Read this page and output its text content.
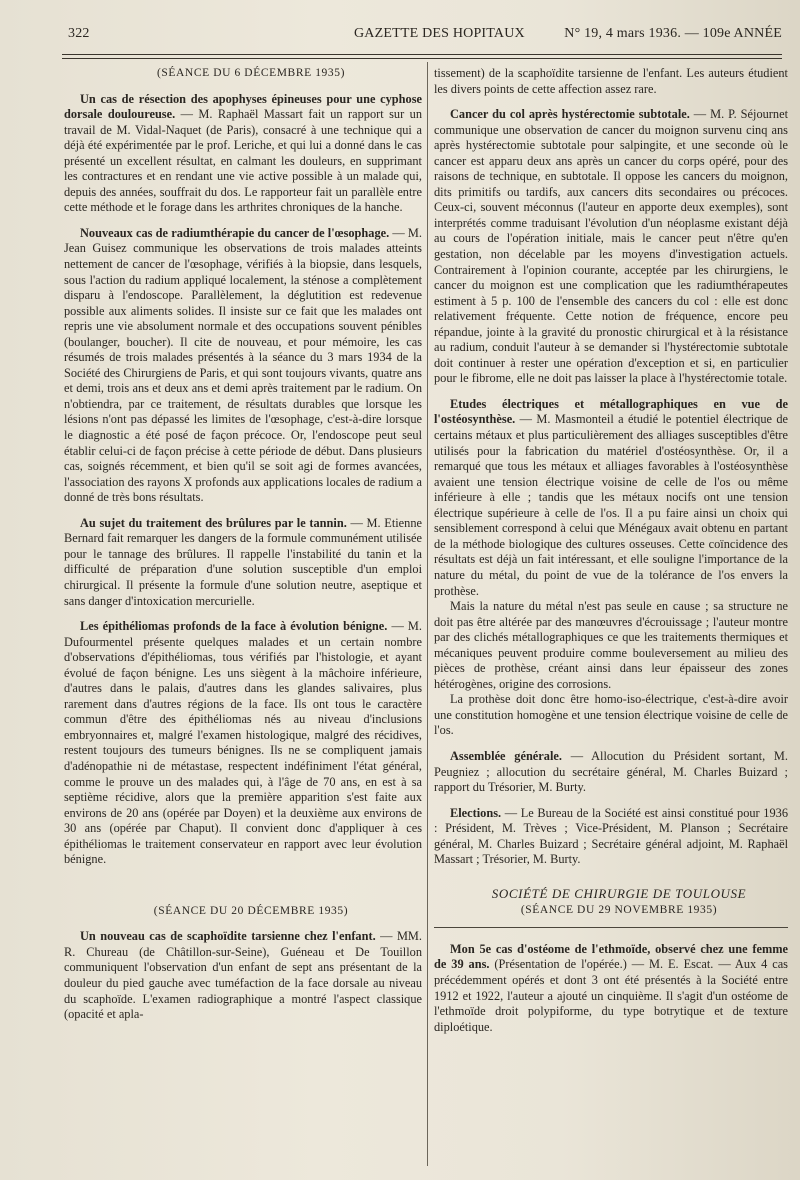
322	GAZETTE DES HOPITAUX	N° 19, 4 mars 1936. — 109e ANNÉE

(SÉANCE DU 6 DÉCEMBRE 1935)

Un cas de résection des apophyses épineuses pour une cyphose dorsale douloureuse. — M. Raphaël Massart fait un rapport sur un travail de M. Vidal-Naquet (de Paris), consacré à une technique qui a déjà été expérimentée par le prof. Leriche, et qui lui a donné dans le cas présenté un excellent résultat, en calmant les douleurs, en supprimant les contractures et en rendant une vie active possible à un malade qui, depuis des années, souffrait du dos. Le rapporteur fait un parallèle entre cette méthode et le forage dans les arthrites chroniques de la hanche.

Nouveaux cas de radiumthérapie du cancer de l'œsophage. — M. Jean Guisez communique les observations de trois malades atteints nettement de cancer de l'œsophage, vérifiés à la biopsie, dans lesquels, sous l'action du radium appliqué localement, la sténose a complètement disparu à l'endoscope. Parallèlement, la déglutition est redevenue possible aux aliments solides. Il insiste sur ce fait que les malades ont repris une vie absolument normale et des occupations souvent pénibles (boulanger, boucher). Il cite de nouveau, et pour mémoire, les cas résumés de trois malades présentés à la séance du 3 mars 1934 de la Société des Chirurgiens de Paris, et qui sont toujours vivants, quatre ans et demi, trois ans et deux ans et demi après traitement par le radium. On n'obtiendra, par ce traitement, de résultats durables que lorsque les lésions n'ont pas dépassé les limites de l'œsophage, c'est-à-dire lorsque le diagnostic a été posé de façon précoce. Or, l'endoscope peut seul établir celui-ci de façon précise à cette période de début. Dans plusieurs cas, soignés récemment, et bien qu'il se soit agi de formes avancées, l'association des rayons X profonds aux applications locales de radium a donné de très bons résultats.

Au sujet du traitement des brûlures par le tannin. — M. Etienne Bernard fait remarquer les dangers de la formule communément utilisée pour le tannage des brûlures. Il rappelle l'instabilité du tanin et la difficulté de préparation d'une solution susceptible d'un emploi chirurgical. Il présente la formule d'une solution neutre, aseptique et sans danger d'intoxication mercurielle.

Les épithéliomas profonds de la face à évolution bénigne. — M. Dufourmentel présente quelques malades et un certain nombre d'observations d'épithéliomas, tous vérifiés par l'histologie, et ayant évolué de façon bénigne. Les uns siègent à la mâchoire inférieure, d'autres dans le palais, d'autres dans les glandes salivaires, plus rarement dans d'autres régions de la face. Ils ont tous le caractère commun d'être des épithéliomas nés au niveau d'inclusions embryonnaires et, malgré l'examen histologique, malgré des récidives, restent toujours des tumeurs bénignes. Ils ne se compliquent jamais d'adénopathie ni de métastase, respectent indéfiniment l'état général, comme le prouve un des malades qui, à l'âge de 70 ans, en est à sa septième récidive, alors que la première apparition s'est faite aux environs de 20 ans (opérée par Doyen) et la deuxième aux environs de 30 ans (opérée par Chaput). Il convient donc d'appliquer à ces épithéliomas le traitement conservateur en rapport avec leur évolution bénigne.

(SÉANCE DU 20 DÉCEMBRE 1935)

Un nouveau cas de scaphoïdite tarsienne chez l'enfant. — MM. R. Chureau (de Châtillon-sur-Seine), Guéneau et De Touillon communiquent l'observation d'un enfant de sept ans présentant de la douleur du pied gauche avec tuméfaction de la face dorsale au niveau du scaphoïde. L'examen radiographique a montré l'aspect classique (opacité et apla-

tissement) de la scaphoïdite tarsienne de l'enfant. Les auteurs étudient les divers points de cette affection assez rare.

Cancer du col après hystérectomie subtotale. — M. P. Séjournet communique une observation de cancer du moignon survenu cinq ans après hystérectomie subtotale pour salpingite, et une seconde où le cancer est apparu deux ans après un cancer du corps opéré, pour des raisons de technique, en subtotale. Il oppose les cancers du moignon, dits primitifs ou tardifs, aux cancers dits secondaires ou précoces. Ceux-ci, souvent méconnus (l'auteur en apporte deux exemples), sont interprétés comme traduisant l'évolution d'un néoplasme existant déjà au cours de l'opération initiale, mais le cancer peut n'être qu'en gestation, non décelable par les moyens d'investigation actuels. Contrairement à l'opinion courante, acceptée par les chirurgiens, le cancer du moignon est une complication que les radiumthérapeutes estiment à 5 p. 100 de l'ensemble des cancers du col : elle est donc relativement fréquente. Cette notion de fréquence, encore peu répandue, jointe à la gravité du pronostic chirurgical et à la résistance au radium, conduit l'auteur à se demander si l'hystérectomie subtotale doit continuer à rester une opération d'exception et si, en particulier pour le fibrome, elle ne doit pas laisser la place à l'hystérectomie totale.

Etudes électriques et métallographiques en vue de l'ostéosynthèse. — M. Masmonteil a étudié le potentiel électrique de certains métaux et plus particulièrement des alliages susceptibles d'être utilisés pour la fabrication du matériel d'ostéosynthèse. Or, il a remarqué que tous les métaux et alliages favorables à l'ostéosynthèse avaient une tension électrique voisine de celle de l'os ou même inférieure à elle ; tandis que les métaux nocifs ont une tension électrique supérieure à celle de l'os. Il a pu faire ainsi un choix qui sensiblement correspond à celui que Ménégaux avait obtenu en partant de la méthode biologique des cultures osseuses. Cette coïncidence des résultats est déjà un fait intéressant, et elle souligne l'importance de la nature du métal, du point de vue de la tolérance de l'os envers la prothèse.

Mais la nature du métal n'est pas seule en cause ; sa structure ne doit pas être altérée par des manœuvres d'écrouissage ; l'auteur montre par des clichés métallographiques ce que les traitements thermiques et mécaniques peuvent produire comme bouleversement au milieu des pièces de prothèse, créant ainsi dans leur épaisseur des zones hétérogènes, origine des corrosions.

La prothèse doit donc être homo-iso-électrique, c'est-à-dire avoir une constitution homogène et une tension électrique voisine de celle de l'os.

Assemblée générale. — Allocution du Président sortant, M. Peugniez ; allocution du secrétaire général, M. Charles Buizard ; rapport du Trésorier, M. Burty.

Elections. — Le Bureau de la Société est ainsi constitué pour 1936 : Président, M. Trèves ; Vice-Président, M. Planson ; Secrétaire général, M. Charles Buizard ; Secrétaire général adjoint, M. Raphaël Massart ; Trésorier, M. Burty.

SOCIÉTÉ DE CHIRURGIE DE TOULOUSE

(SÉANCE DU 29 NOVEMBRE 1935)

Mon 5e cas d'ostéome de l'ethmoïde, observé chez une femme de 39 ans. (Présentation de l'opérée.) — M. E. Escat. — Aux 4 cas précédemment opérés et dont 3 ont été présentés à la Société entre 1912 et 1922, l'auteur a ajouté un cinquième. Il s'agit d'un ostéome de l'ethmoïde droit polypiforme, du type botrytique et de texture diploétique.
